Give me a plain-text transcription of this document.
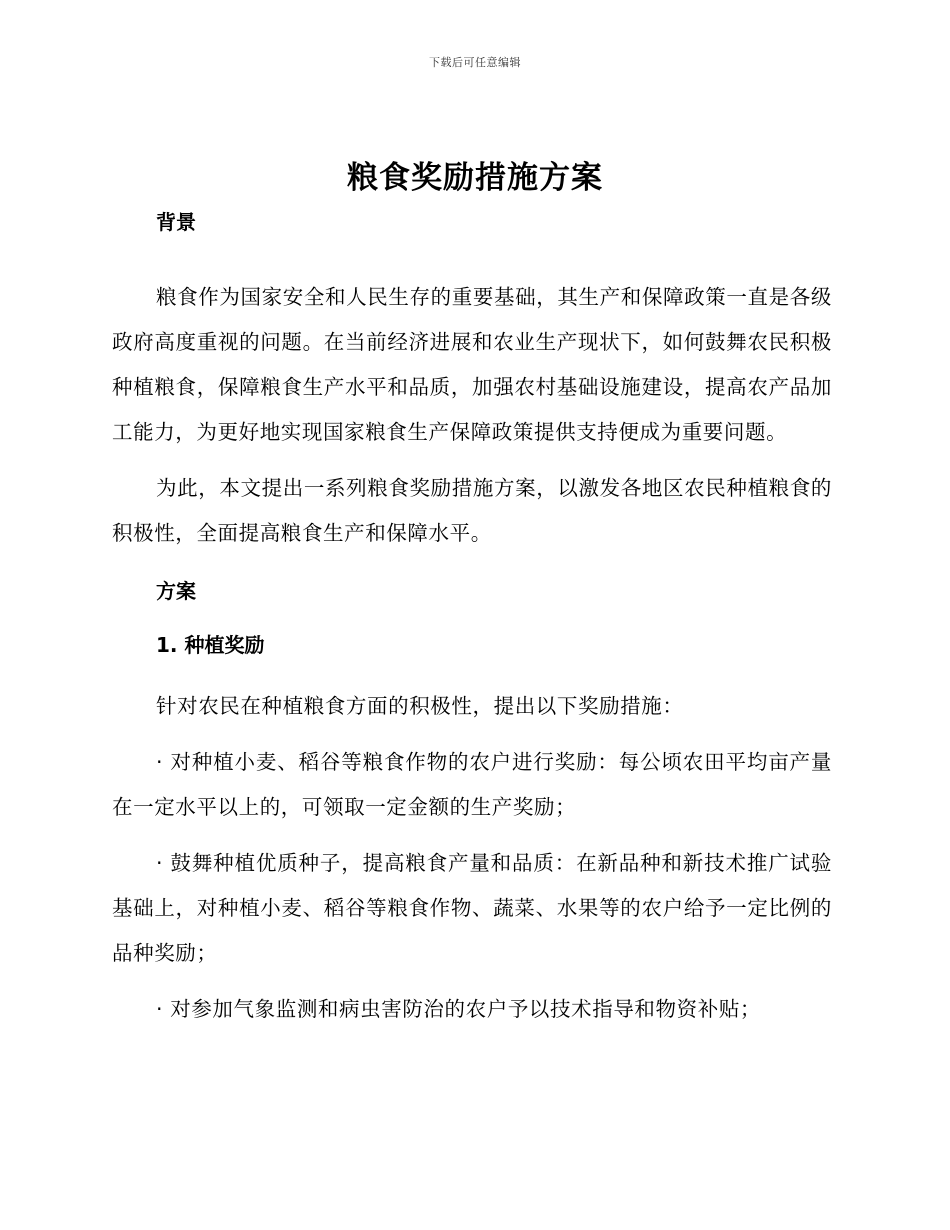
下载后可任意编辑
粮食奖励措施方案

背景

粮食作为国家安全和人民生存的重要基础，其生产和保障政策一直是各级政府高度重视的问题。在当前经济进展和农业生产现状下，如何鼓舞农民积极种植粮食，保障粮食生产水平和品质，加强农村基础设施建设，提高农产品加工能力，为更好地实现国家粮食生产保障政策提供支持便成为重要问题。

为此，本文提出一系列粮食奖励措施方案，以激发各地区农民种植粮食的积极性，全面提高粮食生产和保障水平。

方案

1. 种植奖励

针对农民在种植粮食方面的积极性，提出以下奖励措施：

· 对种植小麦、稻谷等粮食作物的农户进行奖励：每公顷农田平均亩产量在一定水平以上的，可领取一定金额的生产奖励；

· 鼓舞种植优质种子，提高粮食产量和品质：在新品种和新技术推广试验基础上，对种植小麦、稻谷等粮食作物、蔬菜、水果等的农户给予一定比例的品种奖励；

· 对参加气象监测和病虫害防治的农户予以技术指导和物资补贴；
